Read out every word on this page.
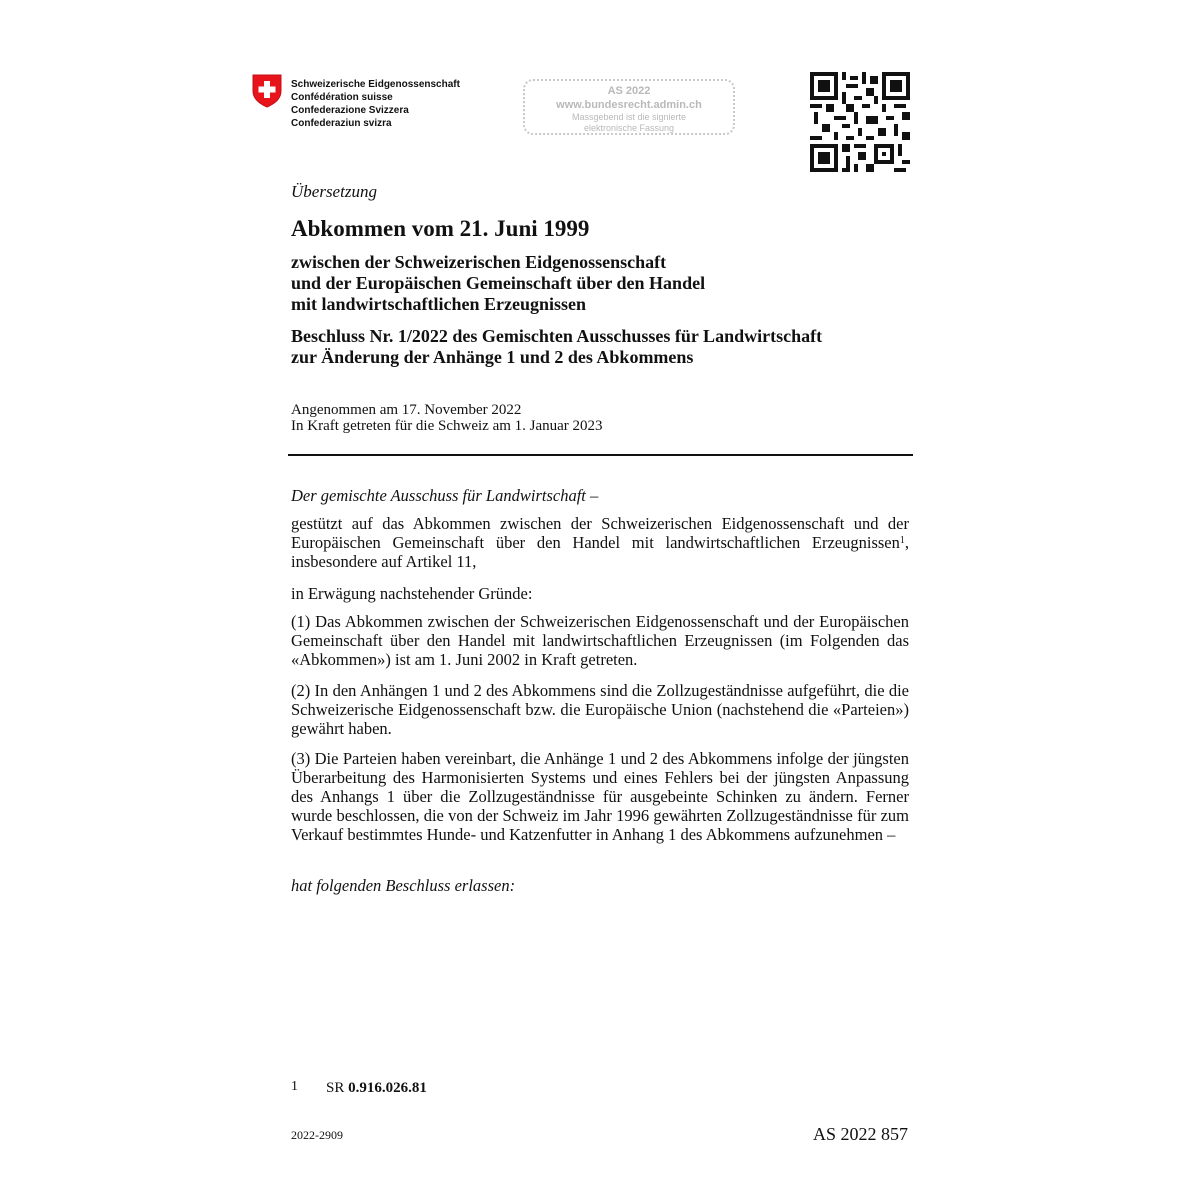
Schweizerische Eidgenossenschaft
Confédération suisse
Confederazione Svizzera
Confederaziun svizra
AS 2022
www.bundesrecht.admin.ch
Massgebend ist die signierte
elektronische Fassung
Übersetzung
Abkommen vom 21. Juni 1999
zwischen der Schweizerischen Eidgenossenschaft
und der Europäischen Gemeinschaft über den Handel
mit landwirtschaftlichen Erzeugnissen
Beschluss Nr. 1/2022 des Gemischten Ausschusses für Landwirtschaft
zur Änderung der Anhänge 1 und 2 des Abkommens
Angenommen am 17. November 2022
In Kraft getreten für die Schweiz am 1. Januar 2023
Der gemischte Ausschuss für Landwirtschaft –
gestützt auf das Abkommen zwischen der Schweizerischen Eidgenossenschaft und der Europäischen Gemeinschaft über den Handel mit landwirtschaftlichen Erzeugnissen$^1$, insbesondere auf Artikel 11,
in Erwägung nachstehender Gründe:
(1) Das Abkommen zwischen der Schweizerischen Eidgenossenschaft und der Europäischen Gemeinschaft über den Handel mit landwirtschaftlichen Erzeugnissen (im Folgenden das «Abkommen») ist am 1. Juni 2002 in Kraft getreten.
(2) In den Anhängen 1 und 2 des Abkommens sind die Zollzugeständnisse aufgeführt, die die Schweizerische Eidgenossenschaft bzw. die Europäische Union (nachstehend die «Parteien») gewährt haben.
(3) Die Parteien haben vereinbart, die Anhänge 1 und 2 des Abkommens infolge der jüngsten Überarbeitung des Harmonisierten Systems und eines Fehlers bei der jüngsten Anpassung des Anhangs 1 über die Zollzugeständnisse für ausgebeinte Schinken zu ändern. Ferner wurde beschlossen, die von der Schweiz im Jahr 1996 gewährten Zollzugeständnisse für zum Verkauf bestimmtes Hunde- und Katzenfutter in Anhang 1 des Abkommens aufzunehmen –
hat folgenden Beschluss erlassen:
1 SR 0.916.026.81
2022-2909	AS 2022 857
